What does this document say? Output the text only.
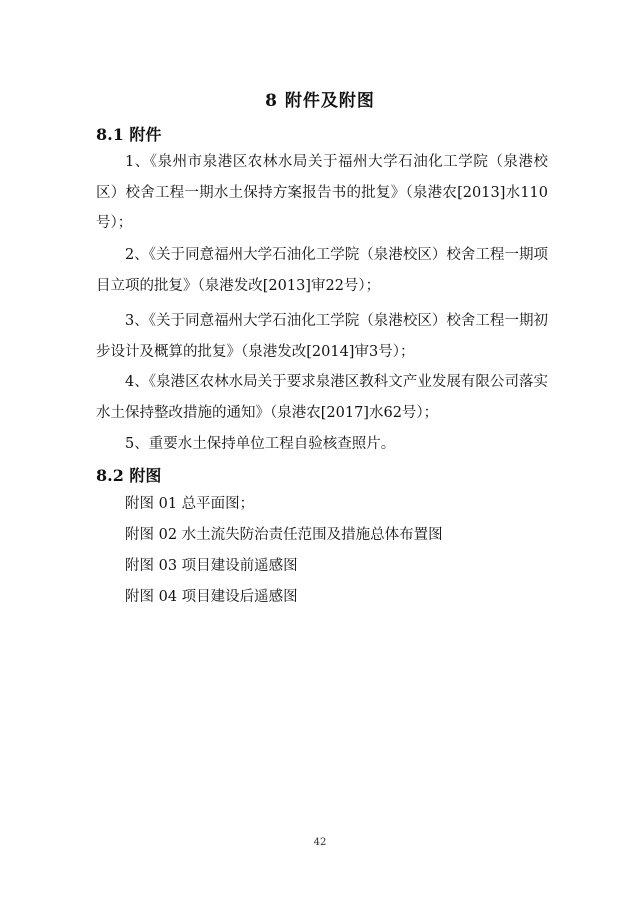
8 附件及附图
8.1 附件

1、《泉州市泉港区农林水局关于福州大学石油化工学院（泉港校区）校舍工程一期水土保持方案报告书的批复》（泉港农[2013]水110号）；

2、《关于同意福州大学石油化工学院（泉港校区）校舍工程一期项目立项的批复》（泉港发改[2013]审22号）；

3、《关于同意福州大学石油化工学院（泉港校区）校舍工程一期初步设计及概算的批复》（泉港发改[2014]审3号）；

4、《泉港区农林水局关于要求泉港区教科文产业发展有限公司落实水土保持整改措施的通知》（泉港农[2017]水62号）；

5、重要水土保持单位工程自验核查照片。

8.2 附图
附图 01 总平面图；
附图 02 水土流失防治责任范围及措施总体布置图
附图 03 项目建设前遥感图
附图 04 项目建设后遥感图
42
